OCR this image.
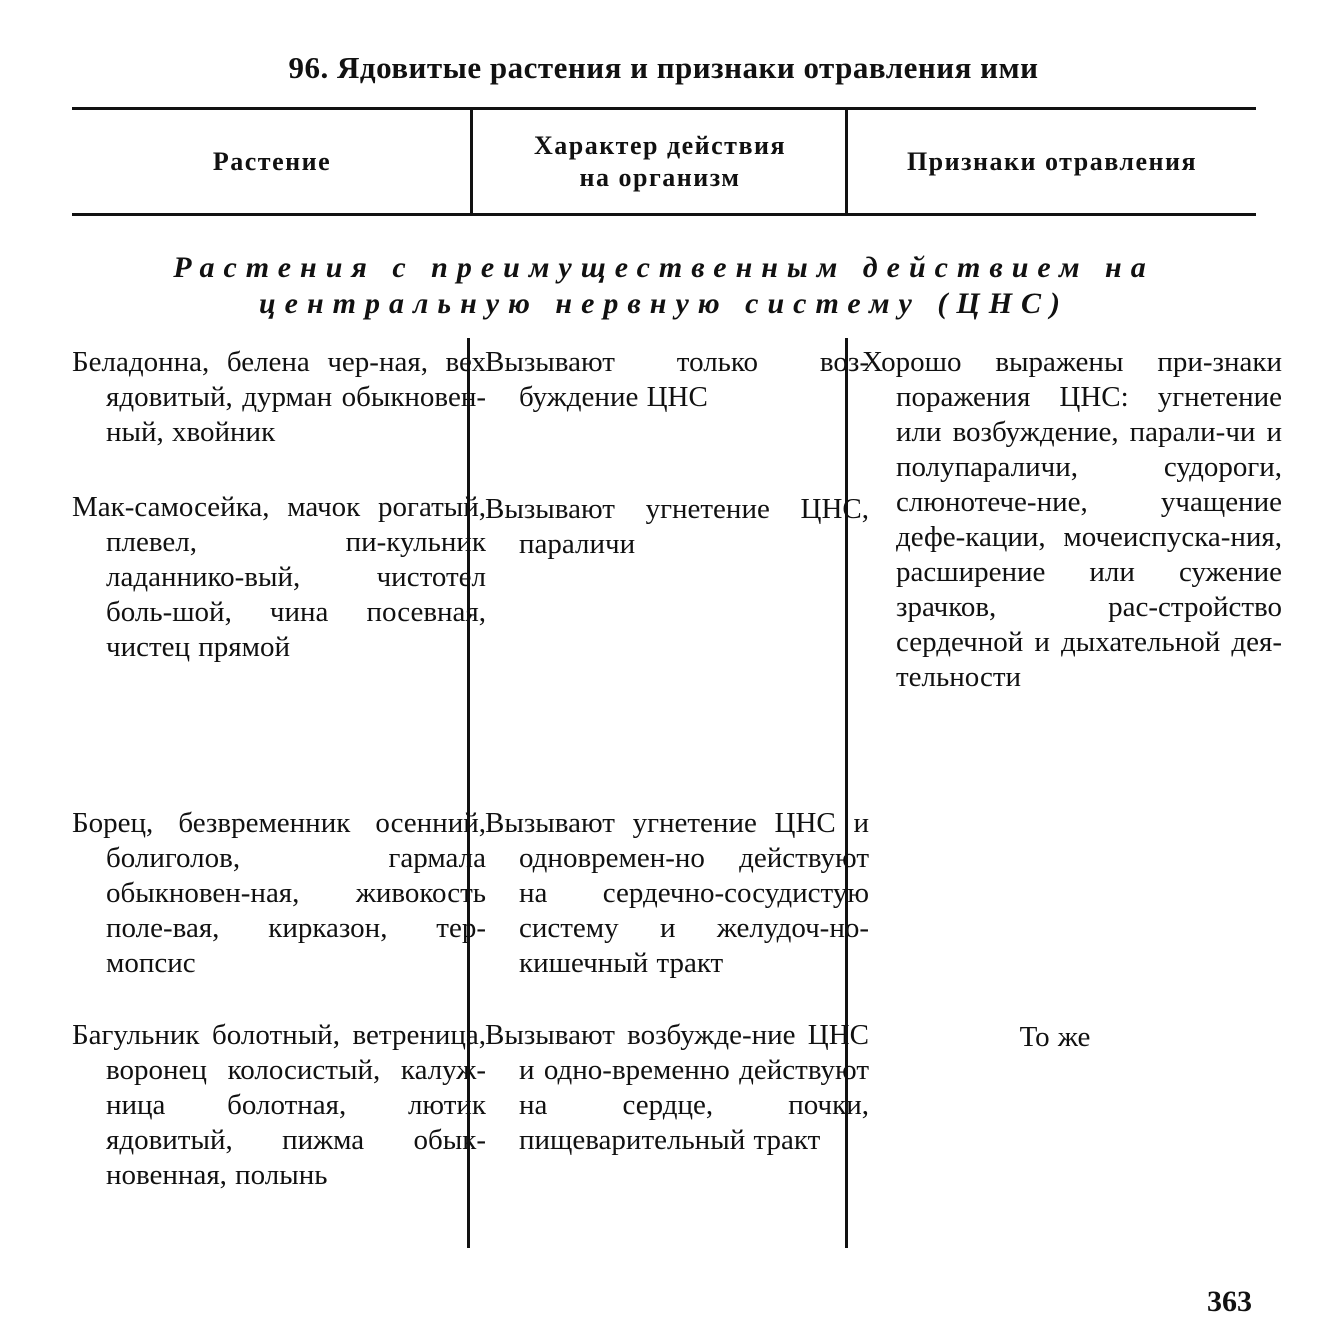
96. Ядовитые растения и признаки отравления ими
Растение
Характер действия
на организм
Признаки отравления
Растения с преимущественным действием на центральную нервную систему (ЦНС)
Беладонна, белена чер-ная, вех ядовитый, дурман обыкновен-ный, хвойник
Вызывают только воз-буждение ЦНС
Хорошо выражены при-знаки поражения ЦНС: угнетение или возбуждение, парали-чи и полупараличи, судороги, слюнотече-ние, учащение дефе-кации, мочеиспуска-ния, расширение или сужение зрачков, рас-стройство сердечной и дыхательной дея-тельности
Мак-самосейка, мачок рогатый, плевел, пи-кульник ладаннико-вый, чистотел боль-шой, чина посевная, чистец прямой
Вызывают угнетение ЦНС, параличи
Борец, безвременник осенний, болиголов, гармала обыкновен-ная, живокость поле-вая, кирказон, тер-мопсис
Вызывают угнетение ЦНС и одновремен-но действуют на сердечно-сосудистую систему и желудоч-но-кишечный тракт
Багульник болотный, ветреница, воронец колосистый, калуж-ница болотная, лютик ядовитый, пижма обык-новенная, полынь
Вызывают возбужде-ние ЦНС и одно-временно действуют на сердце, почки, пищеварительный тракт
То же
363
